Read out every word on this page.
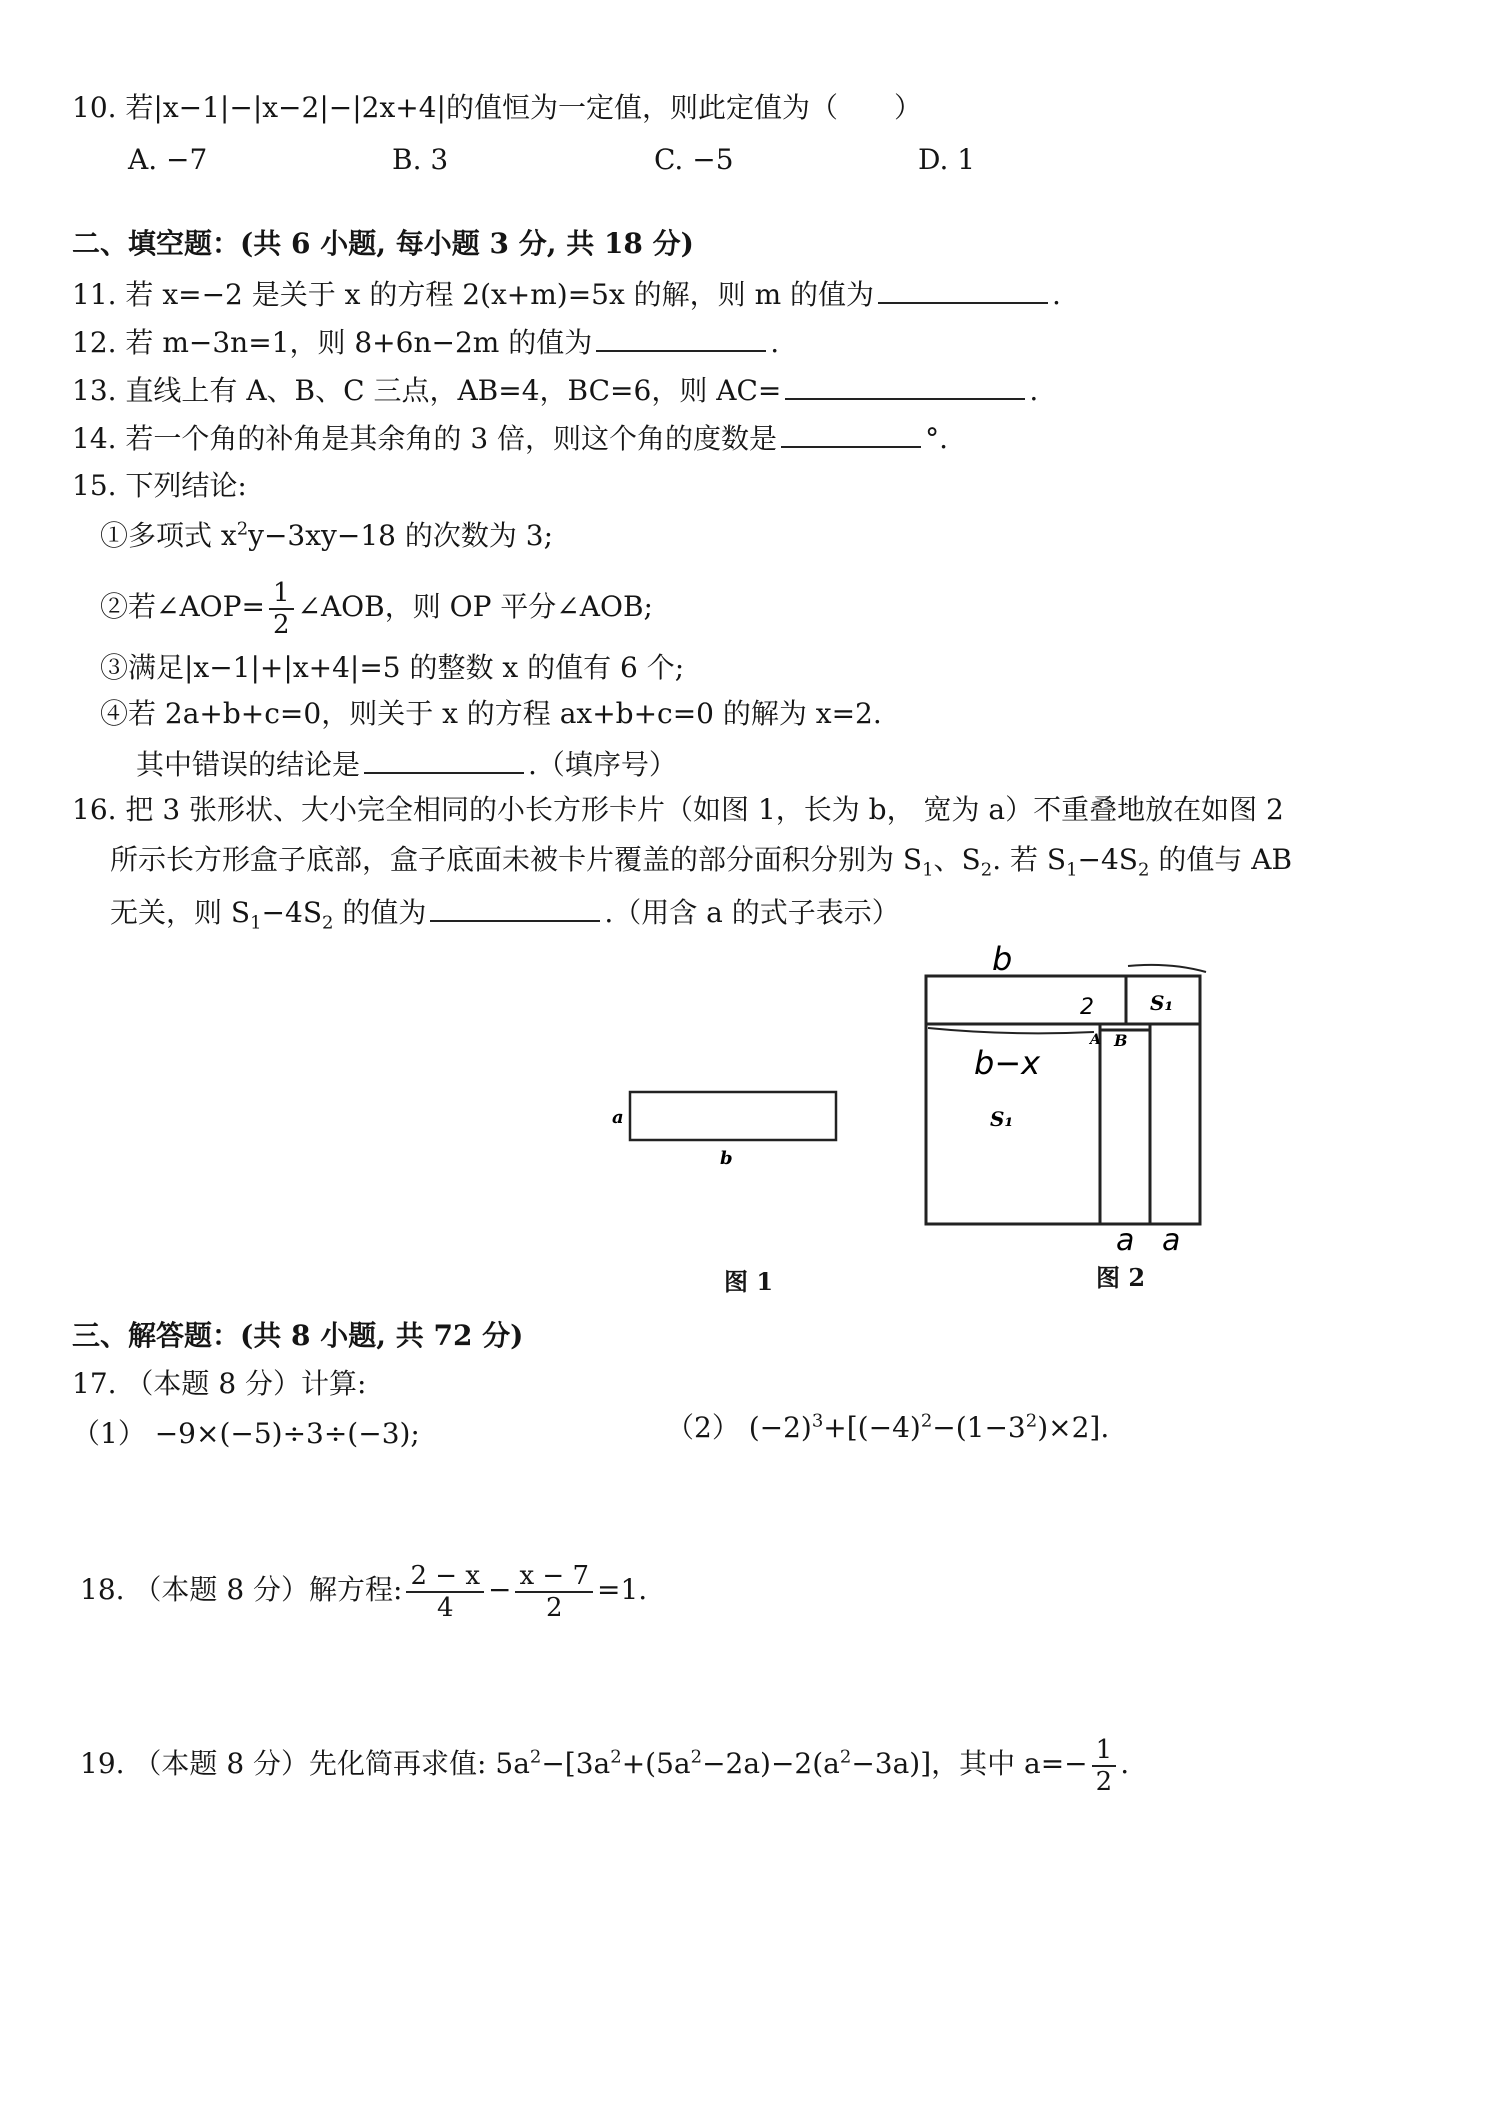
10. 若|x−1|−|x−2|−|2x+4|的值恒为一定值，则此定值为（　　）
A. −7	B. 3	C. −5	D. 1
二、填空题：(共 6 小题, 每小题 3 分, 共 18 分)
11. 若 x=−2 是关于 x 的方程 2(x+m)=5x 的解，则 m 的值为	.
12. 若 m−3n=1，则 8+6n−2m 的值为	.
13. 直线上有 A、B、C 三点，AB=4，BC=6，则 AC=	.
14. 若一个角的补角是其余角的 3 倍，则这个角的度数是	°.
15. 下列结论:
①多项式 $x^2y-3xy-18$ 的次数为 3;
②若∠AOP= $\frac{1}{2}$ ∠AOB，则 OP 平分∠AOB;
③满足|x−1|+|x+4|=5 的整数 x 的值有 6 个;
④若 2a+b+c=0，则关于 x 的方程 ax+b+c=0 的解为 x=2.
其中错误的结论是	.（填序号）
16. 把 3 张形状、大小完全相同的小长方形卡片（如图 1，长为 b， 宽为 a）不重叠地放在如图 2
所示长方形盒子底部，盒子底面未被卡片覆盖的部分面积分别为 $S_1$、$S_2$. 若 $S_1-4S_2$ 的值与 AB
无关，则 $S_1-4S_2$ 的值为	.（用含 a 的式子表示）
a
b
图 1
b
S₁
2
A B
b−x
S₁
a a
图 2
三、解答题：(共 8 小题, 共 72 分)
17. （本题 8 分）计算:
（1） −9×(−5)÷3÷(−3);	（2） $(-2)^3+[(-4)^2-(1-3^2)\times 2]$.
18. （本题 8 分）解方程: $\frac{2 - x}{4} - \frac{x - 7}{2} =1$.
19. （本题 8 分）先化简再求值: $5a^2-[3a^2+(5a^2-2a)-2(a^2-3a)]$，其中 $a=- \frac{1}{2}$ .
